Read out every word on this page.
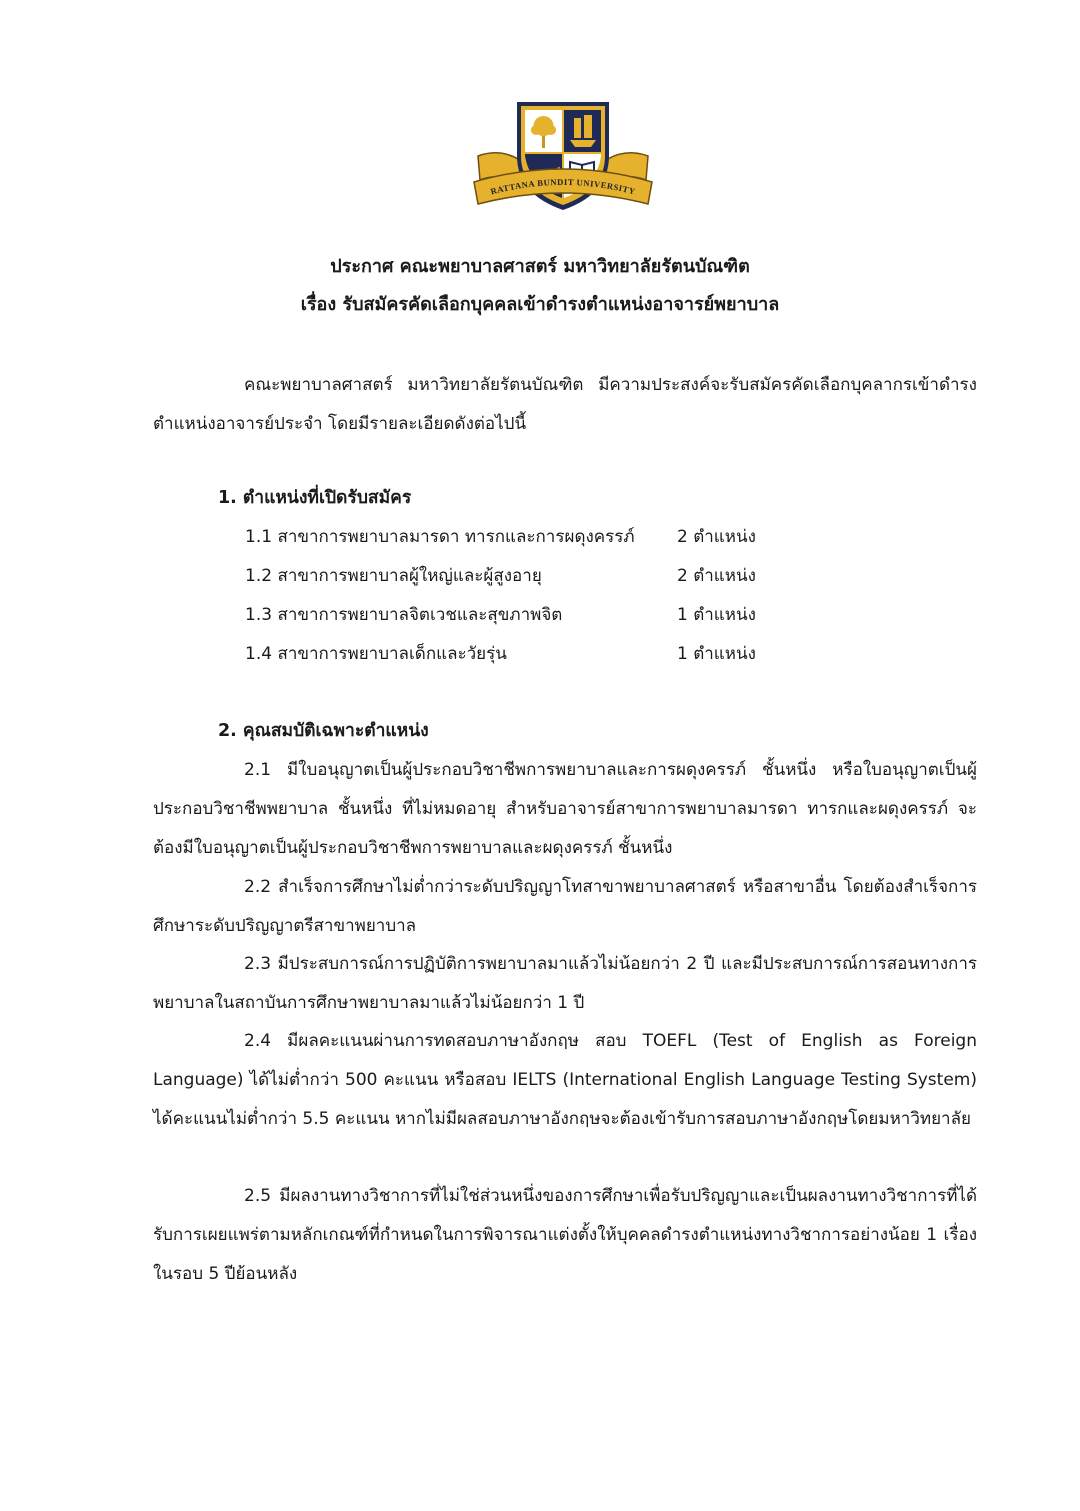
RATTANA BUNDIT UNIVERSITY
ประกาศ คณะพยาบาลศาสตร์ มหาวิทยาลัยรัตนบัณฑิต
เรื่อง รับสมัครคัดเลือกบุคคลเข้าดำรงตำแหน่งอาจารย์พยาบาล
คณะพยาบาลศาสตร์ มหาวิทยาลัยรัตนบัณฑิต มีความประสงค์จะรับสมัครคัดเลือกบุคลากรเข้าดำรงตำแหน่งอาจารย์ประจำ โดยมีรายละเอียดดังต่อไปนี้
1. ตำแหน่งที่เปิดรับสมัคร
1.1 สาขาการพยาบาลมารดา ทารกและการผดุงครรภ์ 2 ตำแหน่ง
1.2 สาขาการพยาบาลผู้ใหญ่และผู้สูงอายุ	2 ตำแหน่ง
1.3 สาขาการพยาบาลจิตเวชและสุขภาพจิต	1 ตำแหน่ง
1.4 สาขาการพยาบาลเด็กและวัยรุ่น	1 ตำแหน่ง
2. คุณสมบัติเฉพาะตำแหน่ง
2.1 มีใบอนุญาตเป็นผู้ประกอบวิชาชีพการพยาบาลและการผดุงครรภ์ ชั้นหนึ่ง หรือใบอนุญาตเป็นผู้ประกอบวิชาชีพพยาบาล ชั้นหนึ่ง ที่ไม่หมดอายุ สำหรับอาจารย์สาขาการพยาบาลมารดา ทารกและผดุงครรภ์ จะต้องมีใบอนุญาตเป็นผู้ประกอบวิชาชีพการพยาบาลและผดุงครรภ์ ชั้นหนึ่ง
2.2 สำเร็จการศึกษาไม่ต่ำกว่าระดับปริญญาโทสาขาพยาบาลศาสตร์ หรือสาขาอื่น โดยต้องสำเร็จการศึกษาระดับปริญญาตรีสาขาพยาบาล
2.3 มีประสบการณ์การปฏิบัติการพยาบาลมาแล้วไม่น้อยกว่า 2 ปี และมีประสบการณ์การสอนทางการพยาบาลในสถาบันการศึกษาพยาบาลมาแล้วไม่น้อยกว่า 1 ปี
2.4 มีผลคะแนนผ่านการทดสอบภาษาอังกฤษ สอบ TOEFL (Test of English as Foreign Language) ได้ไม่ต่ำกว่า 500 คะแนน หรือสอบ IELTS (International English Language Testing System) ได้คะแนนไม่ต่ำกว่า 5.5 คะแนน หากไม่มีผลสอบภาษาอังกฤษจะต้องเข้ารับการสอบภาษาอังกฤษโดยมหาวิทยาลัย
2.5 มีผลงานทางวิชาการที่ไม่ใช่ส่วนหนึ่งของการศึกษาเพื่อรับปริญญาและเป็นผลงานทางวิชาการที่ได้รับการเผยแพร่ตามหลักเกณฑ์ที่กำหนดในการพิจารณาแต่งตั้งให้บุคคลดำรงตำแหน่งทางวิชาการอย่างน้อย 1 เรื่อง ในรอบ 5 ปีย้อนหลัง
